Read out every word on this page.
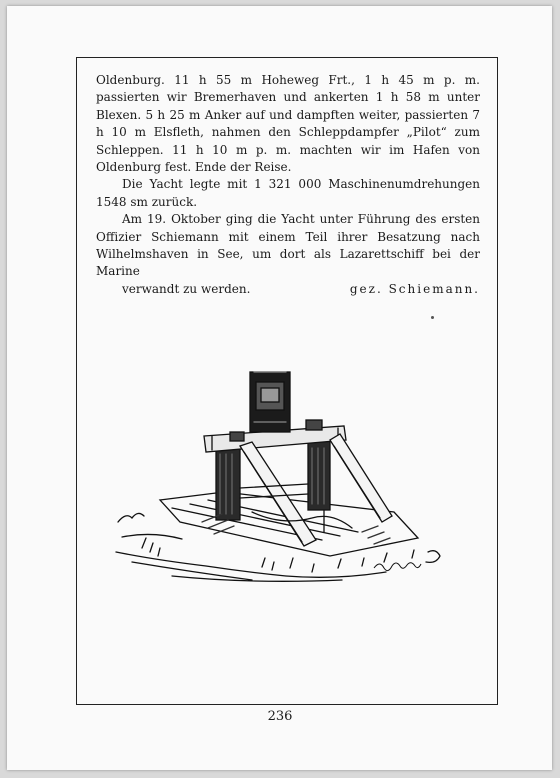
Oldenburg. 11 h 55 m Hoheweg Frt., 1 h 45 m p. m. passierten wir Bremerhaven und ankerten 1 h 58 m unter Blexen. 5 h 25 m Anker auf und dampften weiter, passierten 7 h 10 m Elsfleth, nahmen den Schleppdampfer „Pilot“ zum Schleppen. 11 h 10 m p. m. machten wir im Hafen von Oldenburg fest. Ende der Reise.

Die Yacht legte mit 1 321 000 Maschinenumdrehungen 1548 sm zurück.

Am 19. Oktober ging die Yacht unter Führung des ersten Offizier Schiemann mit einem Teil ihrer Besatzung nach Wilhelmshaven in See, um dort als Lazarettschiff bei der Marine
verwandt zu werden.	gez. Schiemann.

236
